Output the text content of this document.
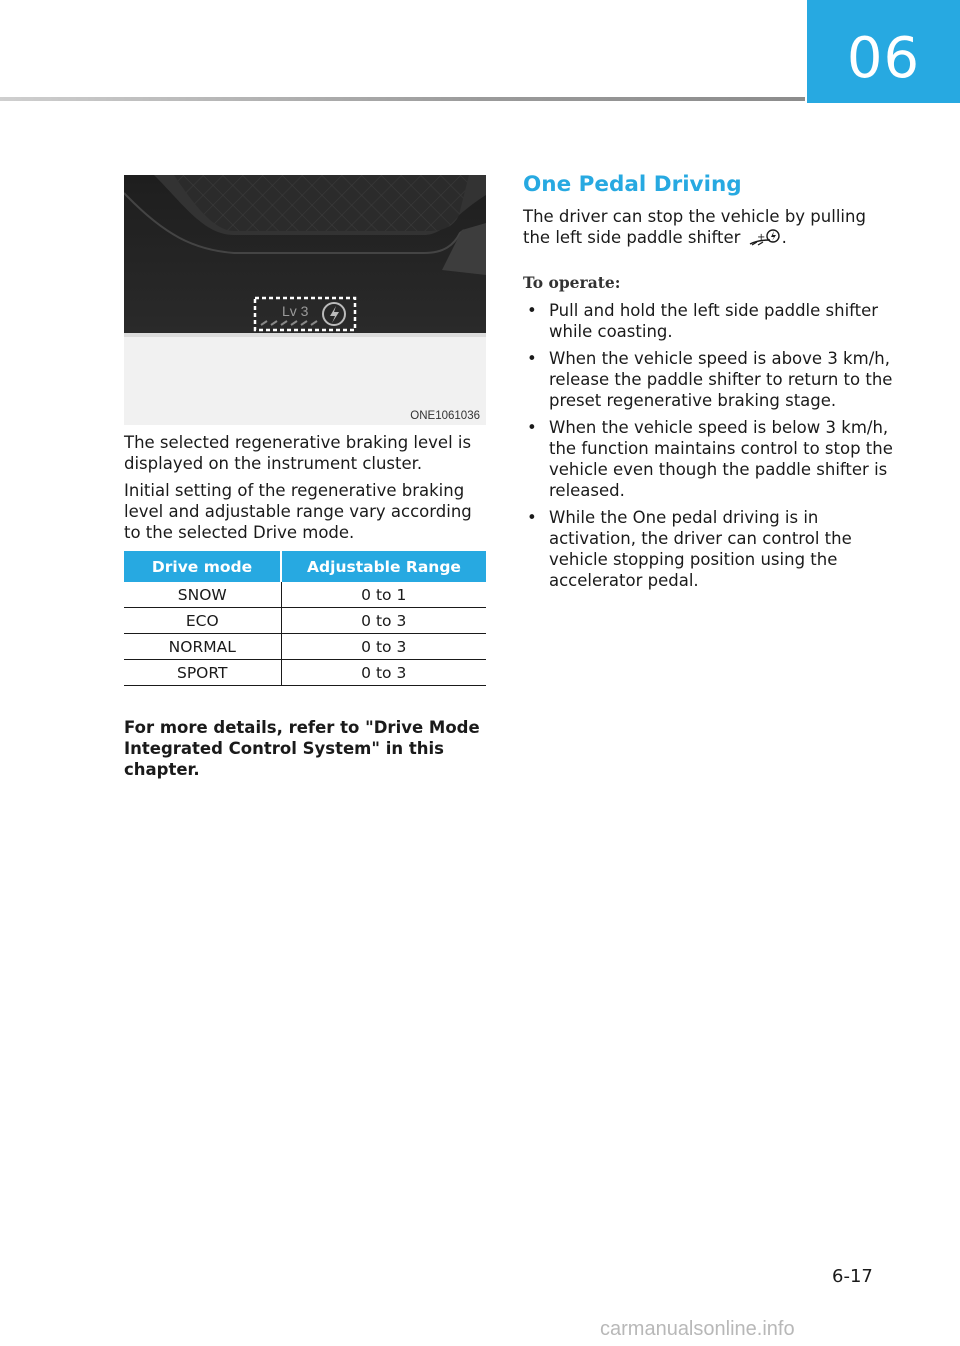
06
Lv 3
ONE1061036

The selected regenerative braking level is displayed on the instrument cluster.

Initial setting of the regenerative braking level and adjustable range vary according to the selected Drive mode.

Drive mode	Adjustable Range
SNOW	0 to 1
ECO	0 to 3
NORMAL	0 to 3
SPORT	0 to 3

For more details, refer to "Drive Mode Integrated Control System" in this chapter.

One Pedal Driving

The driver can stop the vehicle by pulling the left side paddle shifter + .

To operate:

• Pull and hold the left side paddle shifter while coasting.
• When the vehicle speed is above 3 km/h, release the paddle shifter to return to the preset regenerative braking stage.
• When the vehicle speed is below 3 km/h, the function maintains control to stop the vehicle even though the paddle shifter is released.
• While the One pedal driving is in activation, the driver can control the vehicle stopping position using the accelerator pedal.
6-17
carmanualsonline.info
